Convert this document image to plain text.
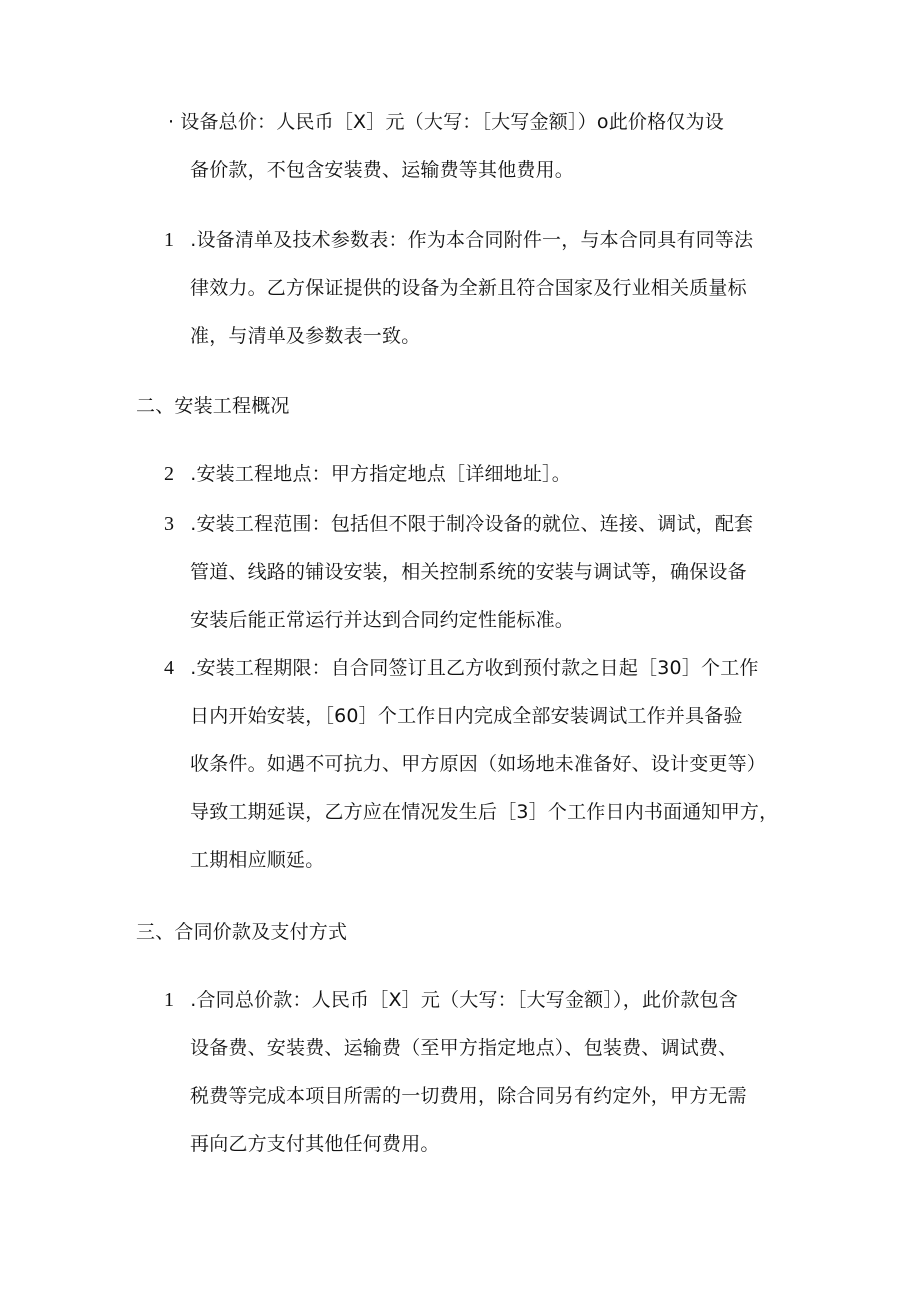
· 设备总价：人民币［X］元（大写：［大写金额］）o此价格仅为设
备价款，不包含安装费、运输费等其他费用。
1 .设备清单及技术参数表：作为本合同附件一，与本合同具有同等法
律效力。乙方保证提供的设备为全新且符合国家及行业相关质量标
准，与清单及参数表一致。
二、安装工程概况
2 .安装工程地点：甲方指定地点［详细地址］。
3 .安装工程范围：包括但不限于制冷设备的就位、连接、调试，配套
管道、线路的铺设安装，相关控制系统的安装与调试等，确保设备
安装后能正常运行并达到合同约定性能标准。
4 .安装工程期限：自合同签订且乙方收到预付款之日起［30］个工作
日内开始安装，［60］个工作日内完成全部安装调试工作并具备验
收条件。如遇不可抗力、甲方原因（如场地未准备好、设计变更等）
导致工期延误，乙方应在情况发生后［3］个工作日内书面通知甲方，
工期相应顺延。
三、合同价款及支付方式
1 .合同总价款：人民币［X］元（大写：［大写金额］），此价款包含
设备费、安装费、运输费（至甲方指定地点）、包装费、调试费、
税费等完成本项目所需的一切费用，除合同另有约定外，甲方无需
再向乙方支付其他任何费用。
